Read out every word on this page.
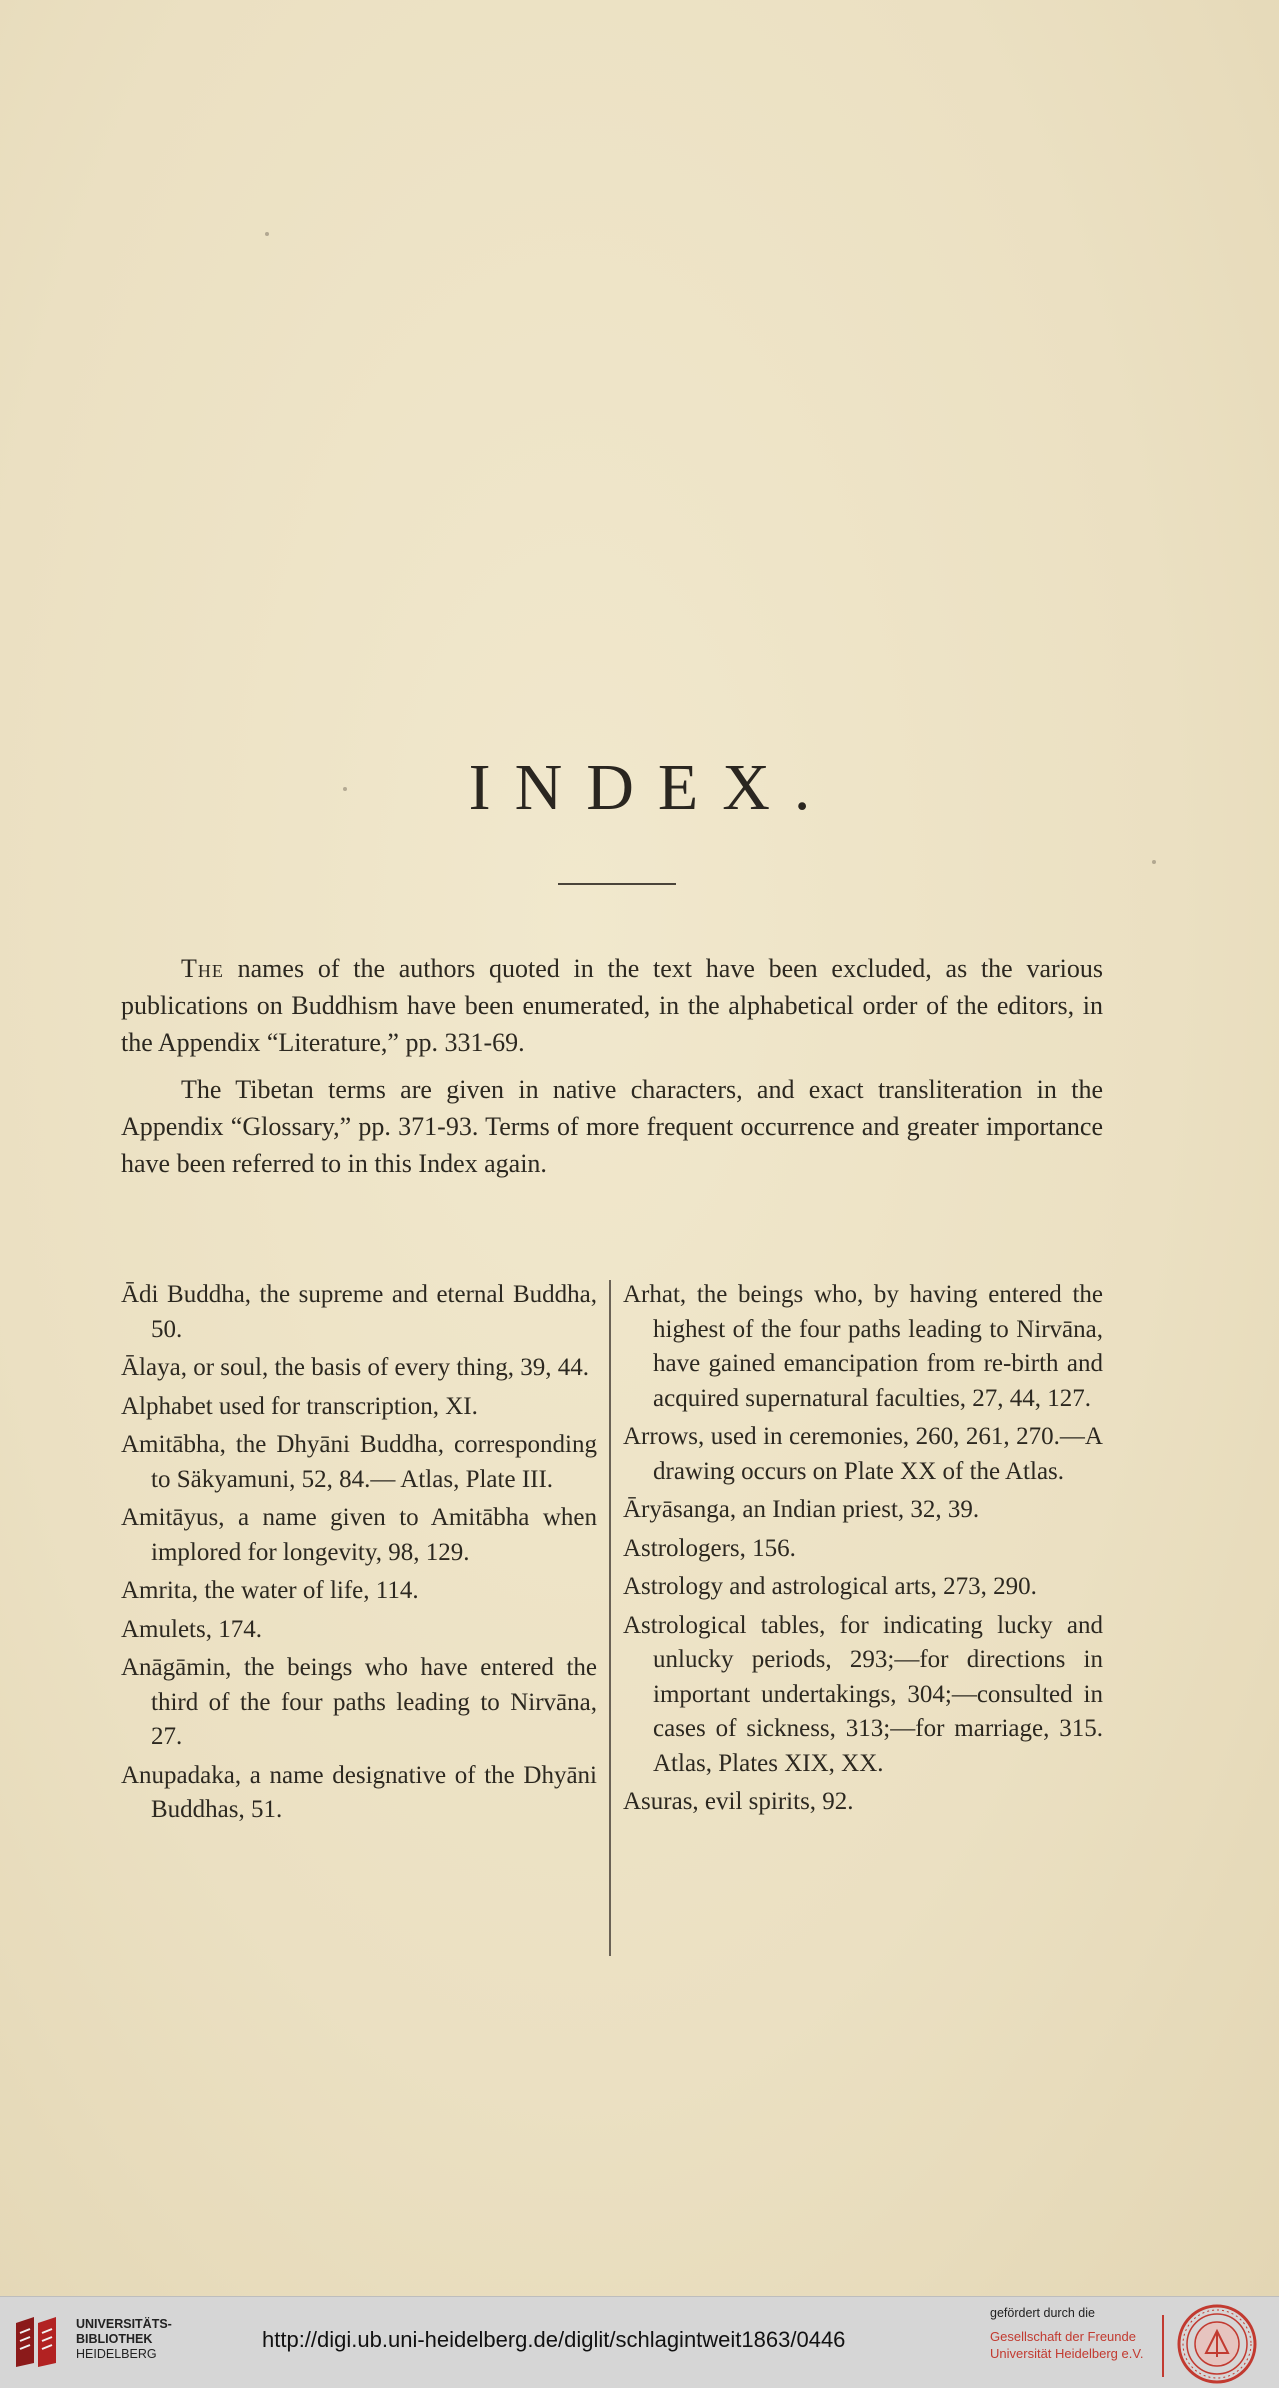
INDEX.

The names of the authors quoted in the text have been excluded, as the various publications on Buddhism have been enumerated, in the alphabetical order of the editors, in the Appendix “Literature,” pp. 331-69.

The Tibetan terms are given in native characters, and exact transliteration in the Appendix “Glossary,” pp. 371-93. Terms of more frequent occurrence and greater importance have been referred to in this Index again.

Ādi Buddha, the supreme and eternal Buddha, 50.
Ālaya, or soul, the basis of every thing, 39, 44.
Alphabet used for transcription, XI.
Amitābha, the Dhyāni Buddha, corresponding to Säkyamuni, 52, 84.— Atlas, Plate III.
Amitāyus, a name given to Amitābha when implored for longevity, 98, 129.
Amrita, the water of life, 114.
Amulets, 174.
Anāgāmin, the beings who have entered the third of the four paths leading to Nirvāna, 27.
Anupadaka, a name designative of the Dhyāni Buddhas, 51.
Arhat, the beings who, by having entered the highest of the four paths leading to Nirvāna, have gained emancipation from re-birth and acquired supernatural faculties, 27, 44, 127.
Arrows, used in ceremonies, 260, 261, 270.—A drawing occurs on Plate XX of the Atlas.
Āryāsanga, an Indian priest, 32, 39.
Astrologers, 156.
Astrology and astrological arts, 273, 290.
Astrological tables, for indicating lucky and unlucky periods, 293;—for directions in important undertakings, 304;—consulted in cases of sickness, 313;—for marriage, 315. Atlas, Plates XIX, XX.
Asuras, evil spirits, 92.
UNIVERSITÄTS-
BIBLIOTHEK
HEIDELBERG
http://digi.ub.uni-heidelberg.de/diglit/schlagintweit1863/0446
gefördert durch die
Gesellschaft der Freunde
Universität Heidelberg e.V.
